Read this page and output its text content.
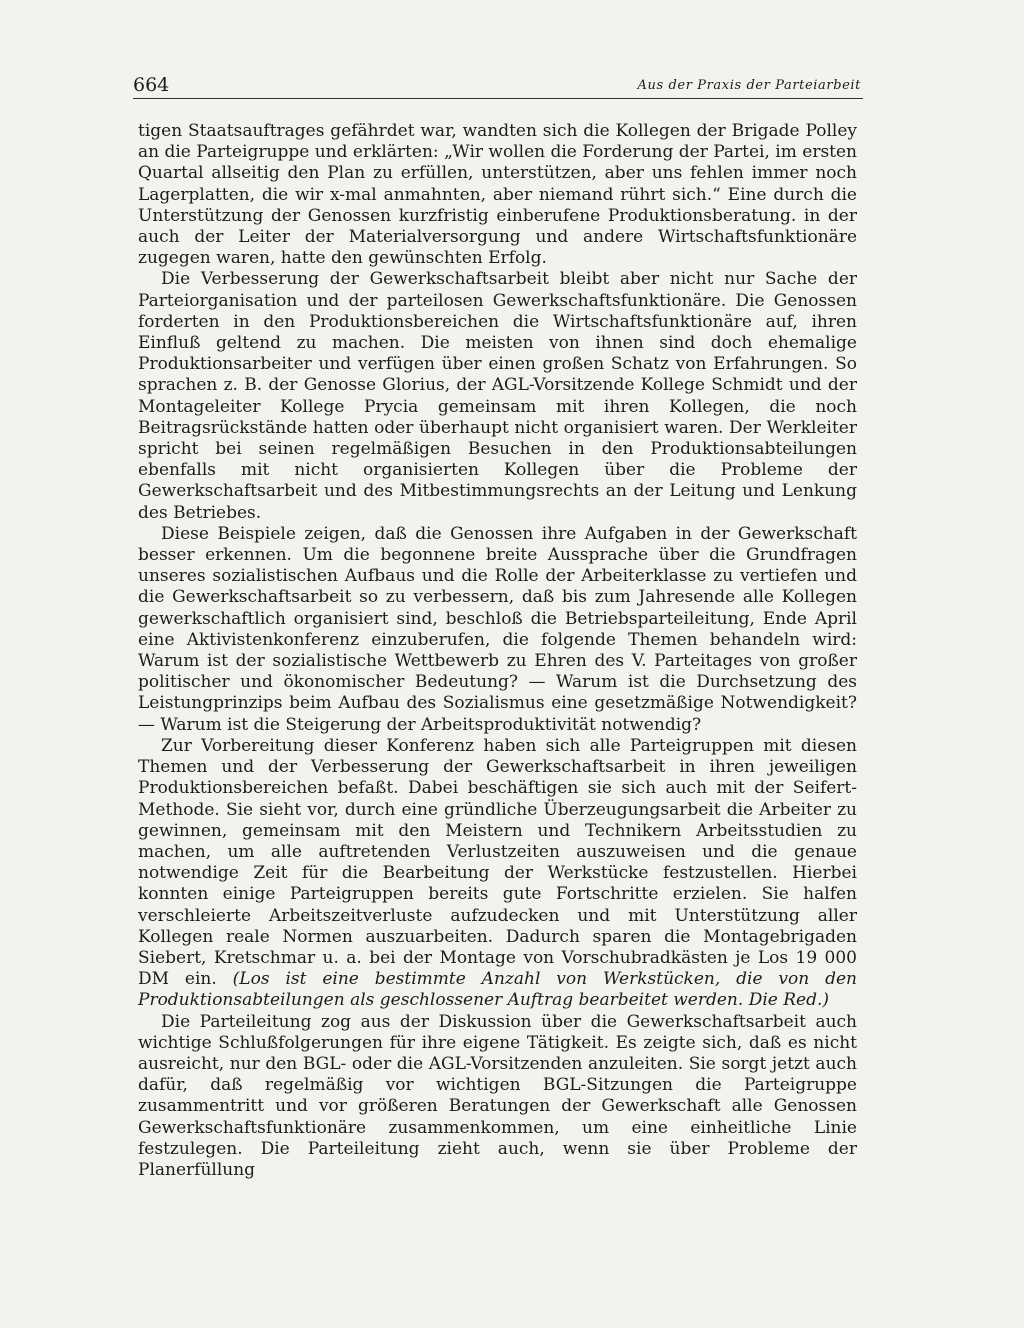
664	Aus der Praxis der Parteiarbeit

tigen Staatsauftrages gefährdet war, wandten sich die Kollegen der Brigade Polley an die Parteigruppe und erklärten: „Wir wollen die Forderung der Partei, im ersten Quartal allseitig den Plan zu erfüllen, unterstützen, aber uns fehlen immer noch Lagerplatten, die wir x-mal anmahnten, aber niemand rührt sich.“ Eine durch die Unterstützung der Genossen kurzfristig einberufene Produktionsberatung. in der auch der Leiter der Materialversorgung und andere Wirtschaftsfunktionäre zugegen waren, hatte den gewünschten Erfolg.

Die Verbesserung der Gewerkschaftsarbeit bleibt aber nicht nur Sache der Parteiorganisation und der parteilosen Gewerkschaftsfunktionäre. Die Genossen forderten in den Produktionsbereichen die Wirtschaftsfunktionäre auf, ihren Einfluß geltend zu machen. Die meisten von ihnen sind doch ehemalige Produktionsarbeiter und verfügen über einen großen Schatz von Erfahrungen. So sprachen z. B. der Genosse Glorius, der AGL-Vorsitzende Kollege Schmidt und der Montageleiter Kollege Prycia gemeinsam mit ihren Kollegen, die noch Beitragsrückstände hatten oder überhaupt nicht organisiert waren. Der Werkleiter spricht bei seinen regelmäßigen Besuchen in den Produktionsabteilungen ebenfalls mit nicht organisierten Kollegen über die Probleme der Gewerkschaftsarbeit und des Mitbestimmungsrechts an der Leitung und Lenkung des Betriebes.

Diese Beispiele zeigen, daß die Genossen ihre Aufgaben in der Gewerkschaft besser erkennen. Um die begonnene breite Aussprache über die Grundfragen unseres sozialistischen Aufbaus und die Rolle der Arbeiterklasse zu vertiefen und die Gewerkschaftsarbeit so zu verbessern, daß bis zum Jahresende alle Kollegen gewerkschaftlich organisiert sind, beschloß die Betriebsparteileitung, Ende April eine Aktivistenkonferenz einzuberufen, die folgende Themen behandeln wird: Warum ist der sozialistische Wettbewerb zu Ehren des V. Parteitages von großer politischer und ökonomischer Bedeutung? — Warum ist die Durchsetzung des Leistungprinzips beim Aufbau des Sozialismus eine gesetzmäßige Notwendigkeit? — Warum ist die Steigerung der Arbeitsproduktivität notwendig?

Zur Vorbereitung dieser Konferenz haben sich alle Parteigruppen mit diesen Themen und der Verbesserung der Gewerkschaftsarbeit in ihren jeweiligen Produktionsbereichen befaßt. Dabei beschäftigen sie sich auch mit der Seifert-Methode. Sie sieht vor, durch eine gründliche Überzeugungsarbeit die Arbeiter zu gewinnen, gemeinsam mit den Meistern und Technikern Arbeitsstudien zu machen, um alle auftretenden Verlustzeiten auszuweisen und die genaue notwendige Zeit für die Bearbeitung der Werkstücke festzustellen. Hierbei konnten einige Parteigruppen bereits gute Fortschritte erzielen. Sie halfen verschleierte Arbeitszeitverluste aufzudecken und mit Unterstützung aller Kollegen reale Normen auszuarbeiten. Dadurch sparen die Montagebrigaden Siebert, Kretschmar u. a. bei der Montage von Vorschubradkästen je Los 19 000 DM ein. (Los ist eine bestimmte Anzahl von Werkstücken, die von den Produktionsabteilungen als geschlossener Auftrag bearbeitet werden. Die Red.)

Die Parteileitung zog aus der Diskussion über die Gewerkschaftsarbeit auch wichtige Schlußfolgerungen für ihre eigene Tätigkeit. Es zeigte sich, daß es nicht ausreicht, nur den BGL- oder die AGL-Vorsitzenden anzuleiten. Sie sorgt jetzt auch dafür, daß regelmäßig vor wichtigen BGL-Sitzungen die Parteigruppe zusammentritt und vor größeren Beratungen der Gewerkschaft alle Genossen Gewerkschaftsfunktionäre zusammenkommen, um eine einheitliche Linie festzulegen. Die Parteileitung zieht auch, wenn sie über Probleme der Planerfüllung
